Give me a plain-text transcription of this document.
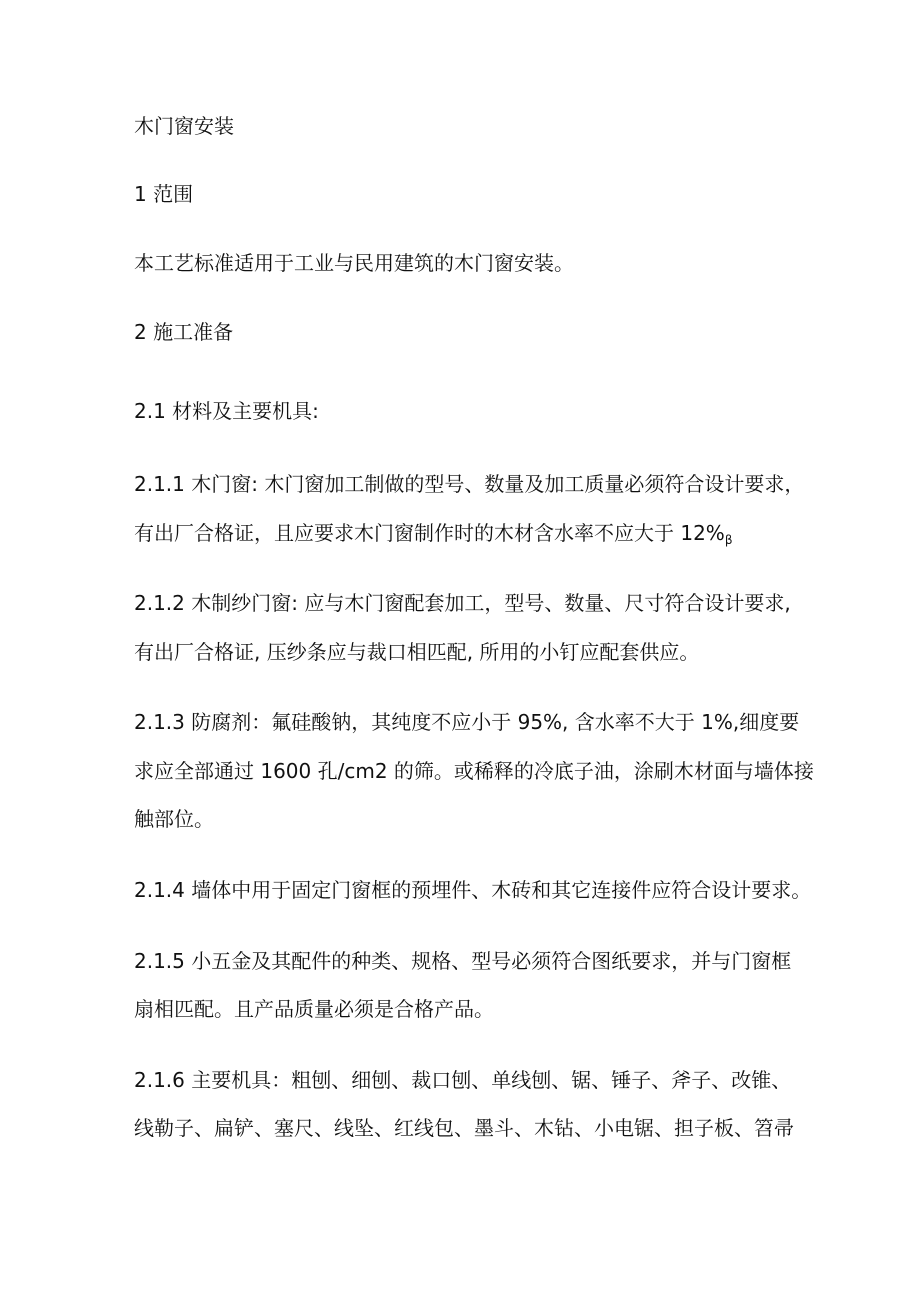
木门窗安装
1 范围
本工艺标准适用于工业与民用建筑的木门窗安装。
2 施工准备
2.1 材料及主要机具:
2.1.1 木门窗: 木门窗加工制做的型号、数量及加工质量必须符合设计要求，
有出厂合格证，且应要求木门窗制作时的木材含水率不应大于 $12\%_\beta$
2.1.2 木制纱门窗: 应与木门窗配套加工，型号、数量、尺寸符合设计要求,
有出厂合格证, 压纱条应与裁口相匹配, 所用的小钉应配套供应。
2.1.3 防腐剂：氟硅酸钠，其纯度不应小于 95%, 含水率不大于 1%,细度要
求应全部通过 1600 孔/cm2 的筛。或稀释的冷底子油，涂刷木材面与墙体接
触部位。
2.1.4 墙体中用于固定门窗框的预埋件、木砖和其它连接件应符合设计要求。
2.1.5 小五金及其配件的种类、规格、型号必须符合图纸要求，并与门窗框
扇相匹配。且产品质量必须是合格产品。
2.1.6 主要机具：粗刨、细刨、裁口刨、单线刨、锯、锤子、斧子、改锥、
线勒子、扁铲、塞尺、线坠、红线包、墨斗、木钻、小电锯、担子板、笤帚
